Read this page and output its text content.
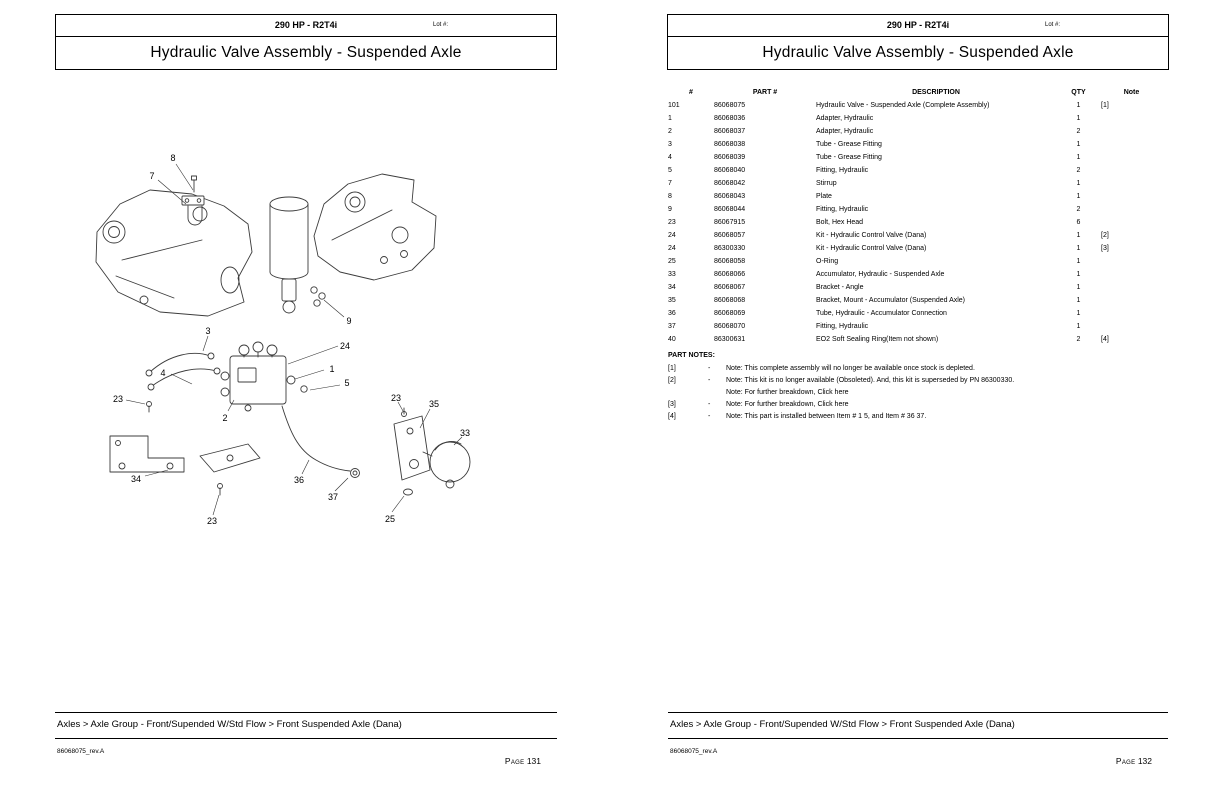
290 HP - R2T4i	Lot #:
Hydraulic Valve Assembly - Suspended Axle
8
7
9
3
24
4	1
5
23
2
23
35
33
34	36
37
25
23
Axles > Axle Group - Front/Supended W/Std Flow > Front Suspended Axle (Dana)
86068075_rev.A
Page 131
290 HP - R2T4i	Lot #:
Hydraulic Valve Assembly - Suspended Axle
#	PART #	DESCRIPTION	QTY	Note
101	86068075	Hydraulic Valve - Suspended Axle (Complete Assembly)	1	[1]
1	86068036	Adapter, Hydraulic	1	
2	86068037	Adapter, Hydraulic	2	
3	86068038	Tube - Grease Fitting	1	
4	86068039	Tube - Grease Fitting	1	
5	86068040	Fitting, Hydraulic	2	
7	86068042	Stirrup	1	
8	86068043	Plate	1	
9	86068044	Fitting, Hydraulic	2	
23	86067915	Bolt, Hex Head	6	
24	86068057	Kit - Hydraulic Control Valve (Dana)	1	[2]
24	86300330	Kit - Hydraulic Control Valve (Dana)	1	[3]
25	86068058	O-Ring	1	
33	86068066	Accumulator, Hydraulic - Suspended Axle	1	
34	86068067	Bracket - Angle	1	
35	86068068	Bracket, Mount - Accumulator (Suspended Axle)	1	
36	86068069	Tube, Hydraulic - Accumulator Connection	1	
37	86068070	Fitting, Hydraulic	1	
40	86300631	EO2 Soft Sealing Ring(Item not shown)	2	[4]
PART NOTES:
[1]	-	Note: This complete assembly will no longer be available once stock is depleted.
[2]	-	Note: This kit is no longer available (Obsoleted). And, this kit is superseded by PN 86300330.
Note: For further breakdown, Click here
[3]	-	Note: For further breakdown, Click here
[4]	-	Note: This part is installed between Item # 1 5, and Item # 36 37.
Axles > Axle Group - Front/Supended W/Std Flow > Front Suspended Axle (Dana)
86068075_rev.A
Page 132
